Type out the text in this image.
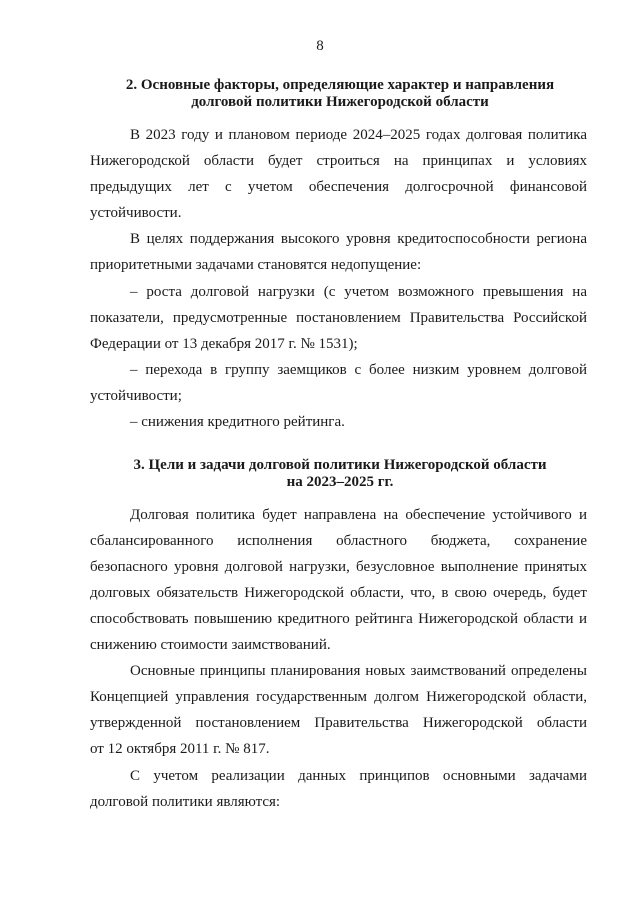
8
2. Основные факторы, определяющие характер и направления
долговой политики Нижегородской области
В 2023 году и плановом периоде 2024–2025 годах долговая политика
Нижегородской области будет строиться на принципах и условиях
предыдущих лет с учетом обеспечения долгосрочной финансовой
устойчивости.
В целях поддержания высокого уровня кредитоспособности региона
приоритетными задачами становятся недопущение:
– роста долговой нагрузки (с учетом возможного превышения на
показатели, предусмотренные постановлением Правительства Российской
Федерации от 13 декабря 2017 г. № 1531);
– перехода в группу заемщиков с более низким уровнем долговой
устойчивости;
– снижения кредитного рейтинга.
3. Цели и задачи долговой политики Нижегородской области
на 2023–2025 гг.
Долговая политика будет направлена на обеспечение устойчивого и
сбалансированного исполнения областного бюджета, сохранение
безопасного уровня долговой нагрузки, безусловное выполнение принятых
долговых обязательств Нижегородской области, что, в свою очередь, будет
способствовать повышению кредитного рейтинга Нижегородской области и
снижению стоимости заимствований.
Основные принципы планирования новых заимствований определены
Концепцией управления государственным долгом Нижегородской области,
утвержденной постановлением Правительства Нижегородской области
от 12 октября 2011 г. № 817.
С учетом реализации данных принципов основными задачами
долговой политики являются:
